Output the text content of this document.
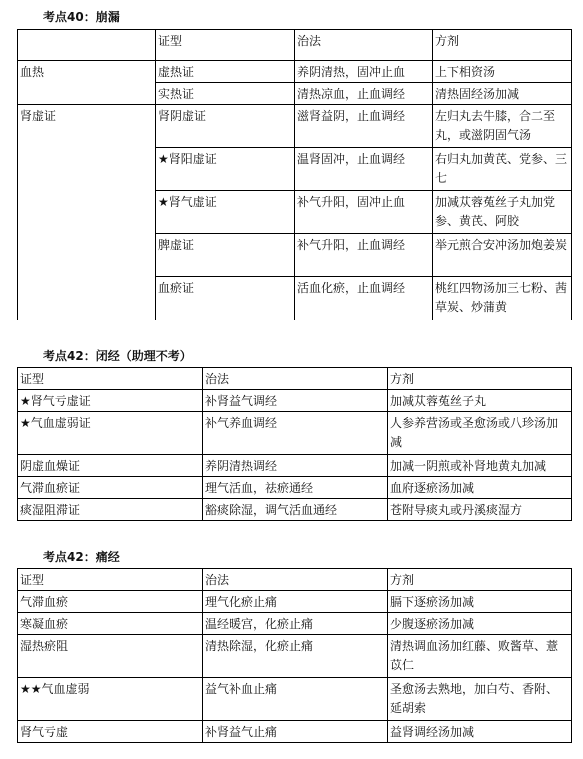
考点40：崩漏
	证型	治法	方剂
血热	虚热证	养阴清热，固冲止血	上下相资汤
	实热证	清热凉血，止血调经	清热固经汤加减
肾虚证	肾阴虚证	滋肾益阴，止血调经	左归丸去牛膝，合二至丸，或滋阴固气汤
	★肾阳虚证	温肾固冲，止血调经	右归丸加黄芪、党参、三七
	★肾气虚证	补气升阳，固冲止血	加减苁蓉菟丝子丸加党参、黄芪、阿胶
	脾虚证	补气升阳，止血调经	举元煎合安冲汤加炮姜炭
	血瘀证	活血化瘀，止血调经	桃红四物汤加三七粉、茜草炭、炒蒲黄
考点42：闭经（助理不考）
证型	治法	方剂
★肾气亏虚证	补肾益气调经	加减苁蓉菟丝子丸
★气血虚弱证	补气养血调经	人参养营汤或圣愈汤或八珍汤加减
阴虚血燥证	养阴清热调经	加减一阴煎或补肾地黄丸加减
气滞血瘀证	理气活血，祛瘀通经	血府逐瘀汤加减
痰湿阻滞证	豁痰除湿，调气活血通经	苍附导痰丸或丹溪痰湿方
考点42：痛经
证型	治法	方剂
气滞血瘀	理气化瘀止痛	膈下逐瘀汤加减
寒凝血瘀	温经暖宫，化瘀止痛	少腹逐瘀汤加减
湿热瘀阻	清热除湿，化瘀止痛	清热调血汤加红藤、败酱草、薏苡仁
★★气血虚弱	益气补血止痛	圣愈汤去熟地，加白芍、香附、延胡索
肾气亏虚	补肾益气止痛	益肾调经汤加减
